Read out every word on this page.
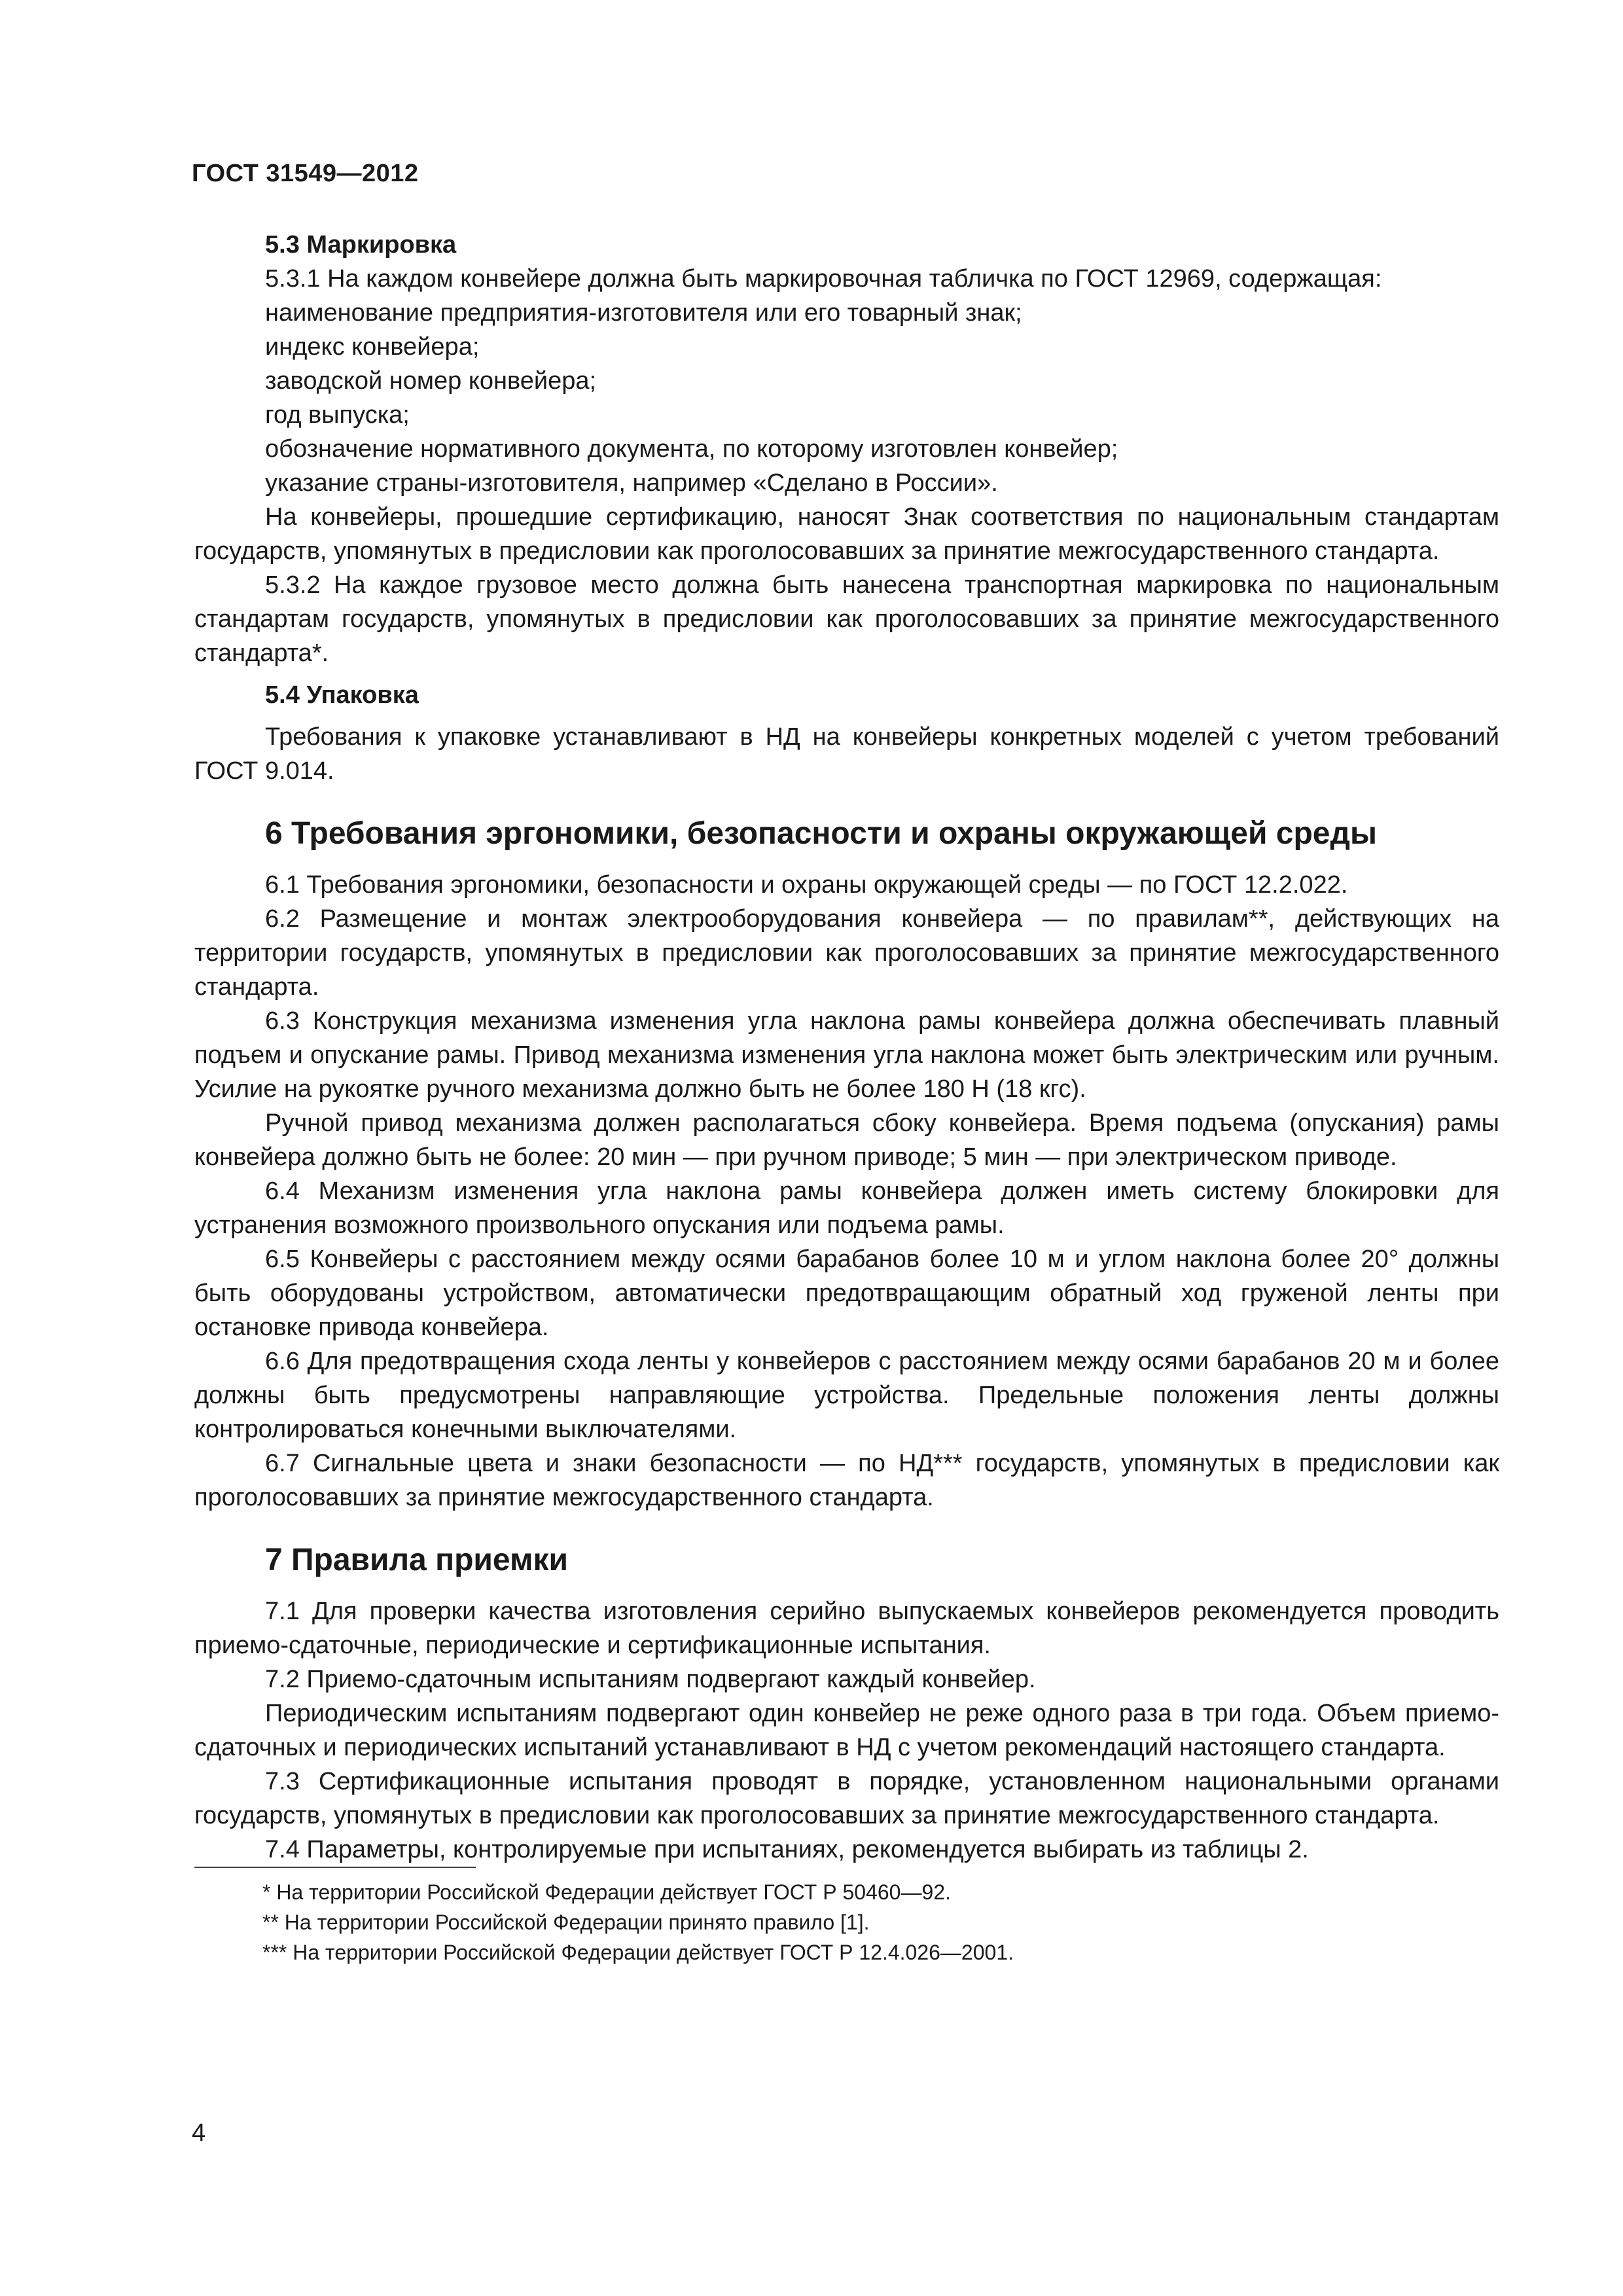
ГОСТ 31549—2012
5.3 Маркировка

5.3.1 На каждом конвейере должна быть маркировочная табличка по ГОСТ 12969, содержащая:

наименование предприятия-изготовителя или его товарный знак;
индекс конвейера;
заводской номер конвейера;
год выпуска;
обозначение нормативного документа, по которому изготовлен конвейер;
указание страны-изготовителя, например «Сделано в России».

На конвейеры, прошедшие сертификацию, наносят Знак соответствия по национальным стандартам государств, упомянутых в предисловии как проголосовавших за принятие межгосударственного стандарта.

5.3.2 На каждое грузовое место должна быть нанесена транспортная маркировка по национальным стандартам государств, упомянутых в предисловии как проголосовавших за принятие межгосударственного стандарта*.

5.4 Упаковка

Требования к упаковке устанавливают в НД на конвейеры конкретных моделей с учетом требований ГОСТ 9.014.

6 Требования эргономики, безопасности и охраны окружающей среды

6.1 Требования эргономики, безопасности и охраны окружающей среды — по ГОСТ 12.2.022.

6.2 Размещение и монтаж электрооборудования конвейера — по правилам**, действующих на территории государств, упомянутых в предисловии как проголосовавших за принятие межгосударственного стандарта.

6.3 Конструкция механизма изменения угла наклона рамы конвейера должна обеспечивать плавный подъем и опускание рамы. Привод механизма изменения угла наклона может быть электрическим или ручным. Усилие на рукоятке ручного механизма должно быть не более 180 Н (18 кгс).

Ручной привод механизма должен располагаться сбоку конвейера. Время подъема (опускания) рамы конвейера должно быть не более: 20 мин — при ручном приводе; 5 мин — при электрическом приводе.

6.4 Механизм изменения угла наклона рамы конвейера должен иметь систему блокировки для устранения возможного произвольного опускания или подъема рамы.

6.5 Конвейеры с расстоянием между осями барабанов более 10 м и углом наклона более 20° должны быть оборудованы устройством, автоматически предотвращающим обратный ход груженой ленты при остановке привода конвейера.

6.6 Для предотвращения схода ленты у конвейеров с расстоянием между осями барабанов 20 м и более должны быть предусмотрены направляющие устройства. Предельные положения ленты должны контролироваться конечными выключателями.

6.7 Сигнальные цвета и знаки безопасности — по НД*** государств, упомянутых в предисловии как проголосовавших за принятие межгосударственного стандарта.

7 Правила приемки

7.1 Для проверки качества изготовления серийно выпускаемых конвейеров рекомендуется проводить приемо-сдаточные, периодические и сертификационные испытания.

7.2 Приемо-сдаточным испытаниям подвергают каждый конвейер.

Периодическим испытаниям подвергают один конвейер не реже одного раза в три года. Объем приемо-сдаточных и периодических испытаний устанавливают в НД с учетом рекомендаций настоящего стандарта.

7.3 Сертификационные испытания проводят в порядке, установленном национальными органами государств, упомянутых в предисловии как проголосовавших за принятие межгосударственного стандарта.

7.4 Параметры, контролируемые при испытаниях, рекомендуется выбирать из таблицы 2.

* На территории Российской Федерации действует ГОСТ Р 50460—92.

** На территории Российской Федерации принято правило [1].

*** На территории Российской Федерации действует ГОСТ Р 12.4.026—2001.

4
